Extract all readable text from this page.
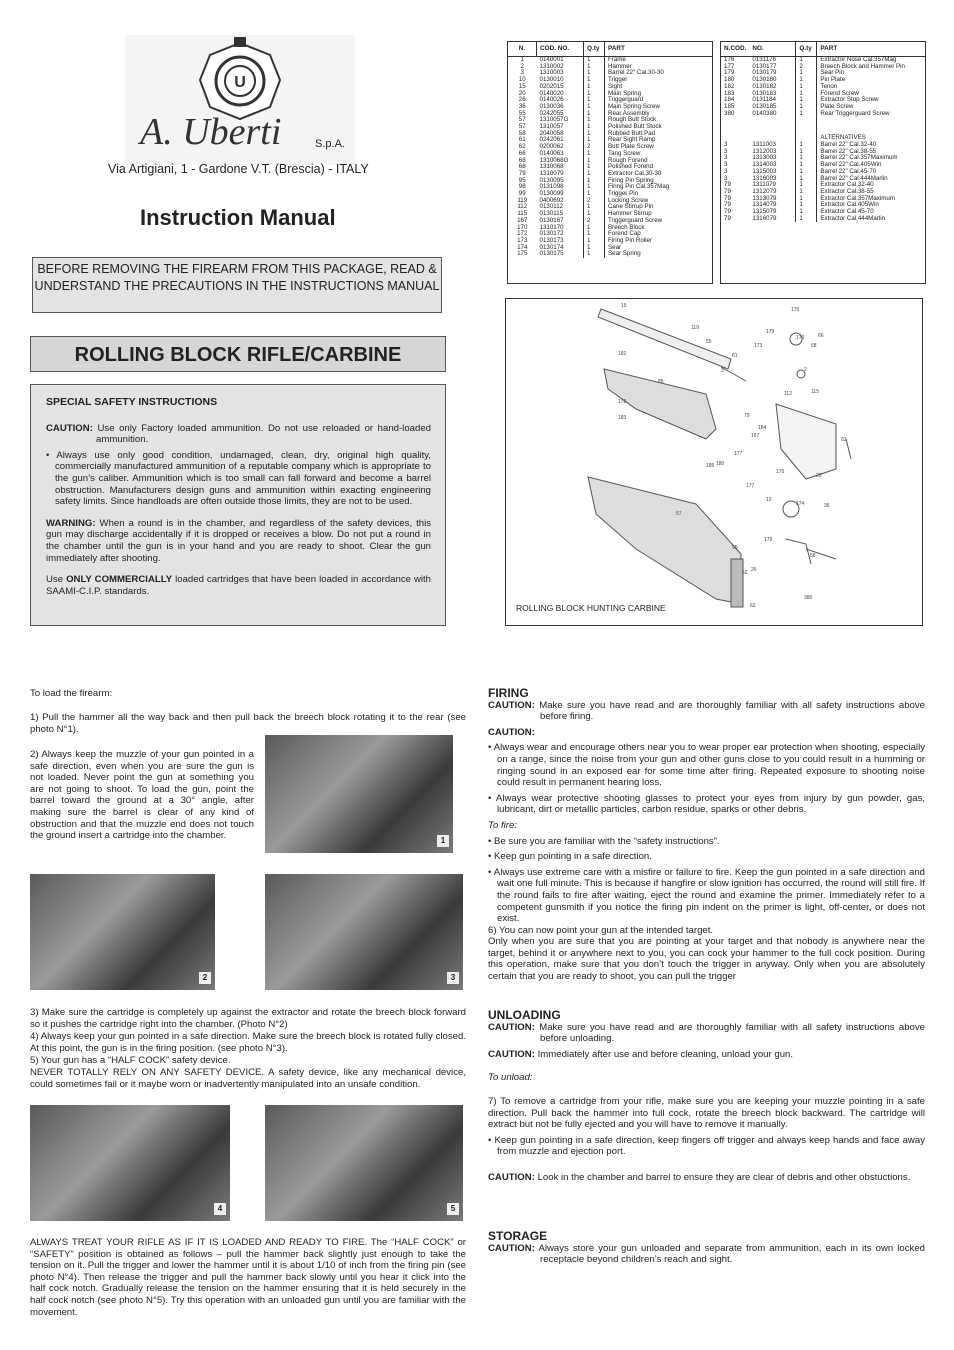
U
A. Uberti	S.p.A.
Via Artigiani, 1 - Gardone V.T. (Brescia) - ITALY
Instruction Manual
BEFORE REMOVING THE FIREARM FROM THIS PACKAGE, READ & UNDERSTAND THE PRECAUTIONS IN THE INSTRUCTIONS MANUAL
ROLLING BLOCK RIFLE/CARBINE
SPECIAL SAFETY INSTRUCTIONS

CAUTION: Use only Factory loaded ammunition. Do not use reloaded or hand-loaded ammunition.

• Always use only good condition, undamaged, clean, dry, original high quality, commercially manufactured ammunition of a reputable company which is appropriate to the gun’s caliber. Ammunition which is too small can fall forward and become a barrel obstruction. Manufacturers design guns and ammunition within exacting engineering safety limits. Since handloads are often outside those limits, they are not to be used.

WARNING: When a round is in the chamber, and regardless of the safety devices, this gun may discharge accidentally if it is dropped or receives a blow. Do not put a round in the chamber until the gun is in your hand and you are ready to shoot. Clear the gun immediately after shooting.

Use ONLY COMMERCIALLY loaded cartridges that have been loaded in accordance with SAAMI-C.I.P. standards.

N.	COD. NO.	Q.ty	PART
1	0140001	1	Frame
2	1310002	1	Hammer
3	1310003	1	Barrel 22" Cal.30-30
10	0130010	1	Trigger
15	0202015	1	Sight
20	0140020	1	Main Spring
26	0140026	1	Triggerguard
36	0130036	1	Main Spring Screw
55	0242055	1	Rear Assembly
57	1310057G	1	Rough Butt Stock
57	1310057	1	Polished Butt Stock
58	2040058	1	Rubbed Butt Pad
61	0242061	1	Rear Sight Ramp
62	0200062	2	Butt Plate Screw
66	0140063	1	Tang Screw
68	1310068G	1	Rough Forend
68	1310068	1	Polished Forend
79	1310079	1	Extractor Cal.30-30
95	0130095	1	Firing Pin Spring
98	0131098	1	Firing Pin Cal.357Mag
99	0130099	1	Trigger Pin
119	0400692	2	Locking Screw
112	0130112	1	Cane Stirrup Pin
115	0130115	1	Hammer Stirrup
167	0130167	2	Triggerguard Screw
170	1310170	1	Breech Block
172	0130172	1	Forend Cap
173	0130173	1	Firing Pin Roller
174	0130174	1	Sear
175	0130175	1	Sear Spring
N.COD.	NO.	Q.ty	PART
176	0131176	1	Extractor Nose Cal.357Mag
177	0130177	2	Breech Block and Hammer Pin
179	0130179	1	Sear Pin
180	0130180	1	Pin Plate
182	0130182	1	Tenon
183	0130183	1	Forend Screw
184	0131184	1	Extractor Stop Screw
185	0130185	1	Plate Screw
380	0140380	1	Rear Triggerguard Screw

			ALTERNATIVES
3	1311003	1	Barrel 22" Cal.32-40
3	1312003	1	Barrel 22" Cal.38-55
3	1313003	1	Barrel 22" Cal.357Maximum
3	1314003	1	Barrel 22" Cal.405Win
3	1315003	1	Barrel 22" Cal.45-70
3	1316003	1	Barrel 22" Cal.444Marlin
79	1311079	1	Extractor Cal.32-40
79	1312079	1	Extractor Cal.38-55
79	1313079	1	Extractor Cal.357Maximum
79	1314079	1	Extractor Cal.405Win
79	1315079	1	Extractor Cal.45-70
79	1316079	1	Extractor Cal.444Marlin
15
170
119
55
179
182	61
173
176
68
66
3
85
2
172
112	115
183	79
184
167
63
177
10
180
185
177
175
20
174	36
57
95
179
58
26
62
380
62
ROLLING BLOCK HUNTING CARBINE
To load the firearm:
1) Pull the hammer all the way back and then pull back the breech block rotating it to the rear (see photo N°1).
2) Always keep the muzzle of your gun pointed in a safe direction, even when you are sure the gun is not loaded. Never point the gun at something you are not going to shoot. To load the gun, point the barrel toward the ground at a 30° angle, after making sure the barrel is clear of any kind of obstruction and that the muzzle end does not touch the ground insert a cartridge into the chamber.	1
2	3
3) Make sure the cartridge is completely up against the extractor and rotate the breech block forward so it pushes the cartridge right into the chamber. (Photo N°2)
4) Always keep your gun pointed in a safe direction. Make sure the breech block is rotated fully closed. At this point, the gun is in the firing position. (see photo N°3).
5) Your gun has a “HALF COCK” safety device.
NEVER TOTALLY RELY ON ANY SAFETY DEVICE. A safety device, like any mechanical device, could sometimes fail or it maybe worn or inadvertently manipulated into an unsafe condition.
4	5
ALWAYS TREAT YOUR RIFLE AS IF IT IS LOADED AND READY TO FIRE. The “HALF COCK” or “SAFETY” position is obtained as follows – pull the hammer back slightly just enough to take the tension on it. Pull the trigger and lower the hammer until it is about 1/10 of inch from the firing pin (see photo N°4). Then release the trigger and pull the hammer back slowly until you hear it click into the half cock notch. Gradually release the tension on the hammer ensuring that it is held securely in the half cock notch (see photo N°5). Try this operation with an unloaded gun until you are familiar with the movement.
FIRING

CAUTION: Make sure you have read and are thoroughly familiar with all safety instructions above before firing.

CAUTION:

• Always wear and encourage others near you to wear proper ear protection when shooting, especially on a range, since the noise from your gun and other guns close to you could result in a humming or ringing sound in an exposed ear for some time after firing. Repeated exposure to shooting noise could result in permanent hearing loss.

• Always wear protective shooting glasses to protect your eyes from injury by gun powder, gas, lubricant, dirt or metallic particles, carbon residue, sparks or other debris.

To fire:

• Be sure you are familiar with the “safety instructions”.

• Keep gun pointing in a safe direction.

• Always use extreme care with a misfire or failure to fire. Keep the gun pointed in a safe direction and wait one full minute. This is because if hangfire or slow ignition has occurred, the round will still fire. If the round fails to fire after waiting, eject the round and examine the primer. Immediately refer to a competent gunsmith if you notice the firing pin indent on the primer is light, off-center, or does not exist.

6) You can now point your gun at the intended target.
Only when you are sure that you are pointing at your target and that nobody is anywhere near the target, behind it or anywhere next to you, you can cock your hammer to the full cock position. During this operation, make sure that you don’t touch the trigger in anyway. Only when you are absolutely certain that you are ready to shoot, you can pull the trigger
UNLOADING

CAUTION: Make sure you have read and are thoroughly familiar with all safety instructions above before unloading.

CAUTION: Immediately after use and before cleaning, unload your gun.

To unload:

7) To remove a cartridge from your rifle, make sure you are keeping your muzzle pointing in a safe direction. Pull back the hammer into full cock, rotate the breech block backward. The cartridge will extract but not be fully ejected and you will have to remove it manually.

• Keep gun pointing in a safe direction, keep fingers off trigger and always keep hands and face away from muzzle and ejection port.

CAUTION: Look in the chamber and barrel to ensure they are clear of debris and other obstuctions.

STORAGE

CAUTION: Always store your gun unloaded and separate from ammunition, each in its own locked receptacle beyond children’s reach and sight.
